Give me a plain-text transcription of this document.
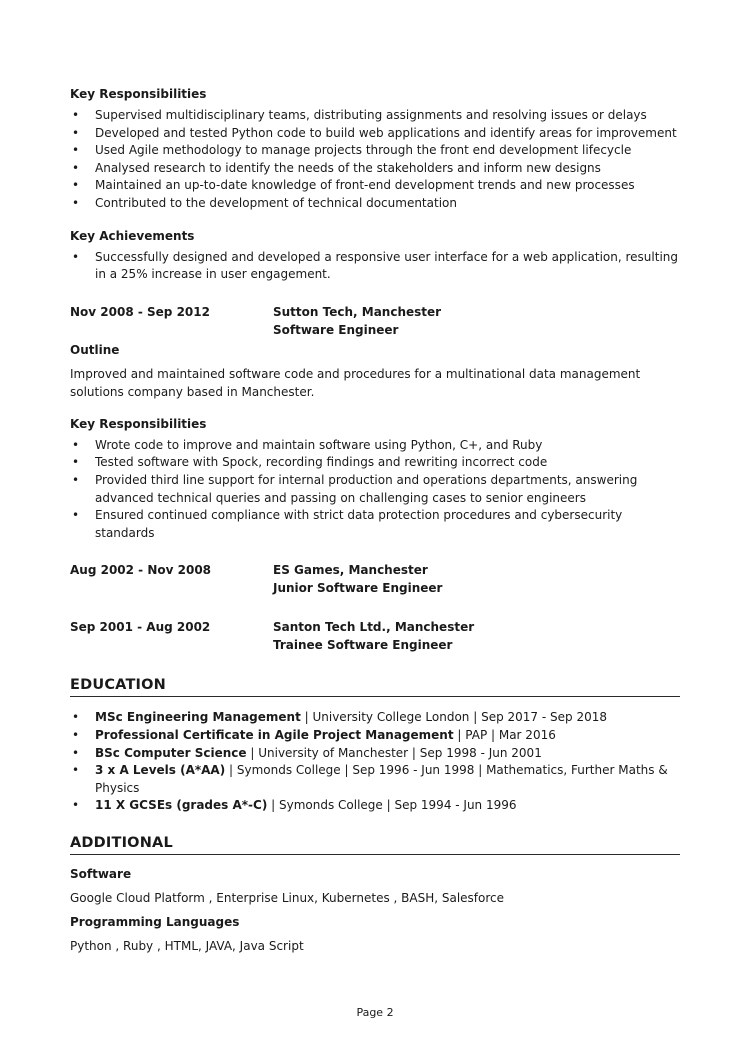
Key Responsibilities
• Supervised multidisciplinary teams, distributing assignments and resolving issues or delays
• Developed and tested Python code to build web applications and identify areas for improvement
• Used Agile methodology to manage projects through the front end development lifecycle
• Analysed research to identify the needs of the stakeholders and inform new designs
• Maintained an up-to-date knowledge of front-end development trends and new processes
• Contributed to the development of technical documentation
Key Achievements
• Successfully designed and developed a responsive user interface for a web application, resulting in a 25% increase in user engagement.
Nov 2008 - Sep 2012	Sutton Tech, Manchester
Software Engineer
Outline

Improved and maintained software code and procedures for a multinational data management solutions company based in Manchester.

Key Responsibilities
• Wrote code to improve and maintain software using Python, C+, and Ruby
• Tested software with Spock, recording findings and rewriting incorrect code
• Provided third line support for internal production and operations departments, answering advanced technical queries and passing on challenging cases to senior engineers
• Ensured continued compliance with strict data protection procedures and cybersecurity standards
Aug 2002 - Nov 2008	ES Games, Manchester
Junior Software Engineer
Sep 2001 - Aug 2002	Santon Tech Ltd., Manchester
Trainee Software Engineer
EDUCATION
• MSc Engineering Management | University College London | Sep 2017 - Sep 2018
• Professional Certificate in Agile Project Management | PAP | Mar 2016
• BSc Computer Science | University of Manchester | Sep 1998 - Jun 2001
• 3 x A Levels (A*AA) | Symonds College | Sep 1996 - Jun 1998 | Mathematics, Further Maths & Physics
• 11 X GCSEs (grades A*-C) | Symonds College | Sep 1994 - Jun 1996
ADDITIONAL
Software

Google Cloud Platform , Enterprise Linux, Kubernetes , BASH, Salesforce

Programming Languages

Python , Ruby , HTML, JAVA, Java Script

Page 2
